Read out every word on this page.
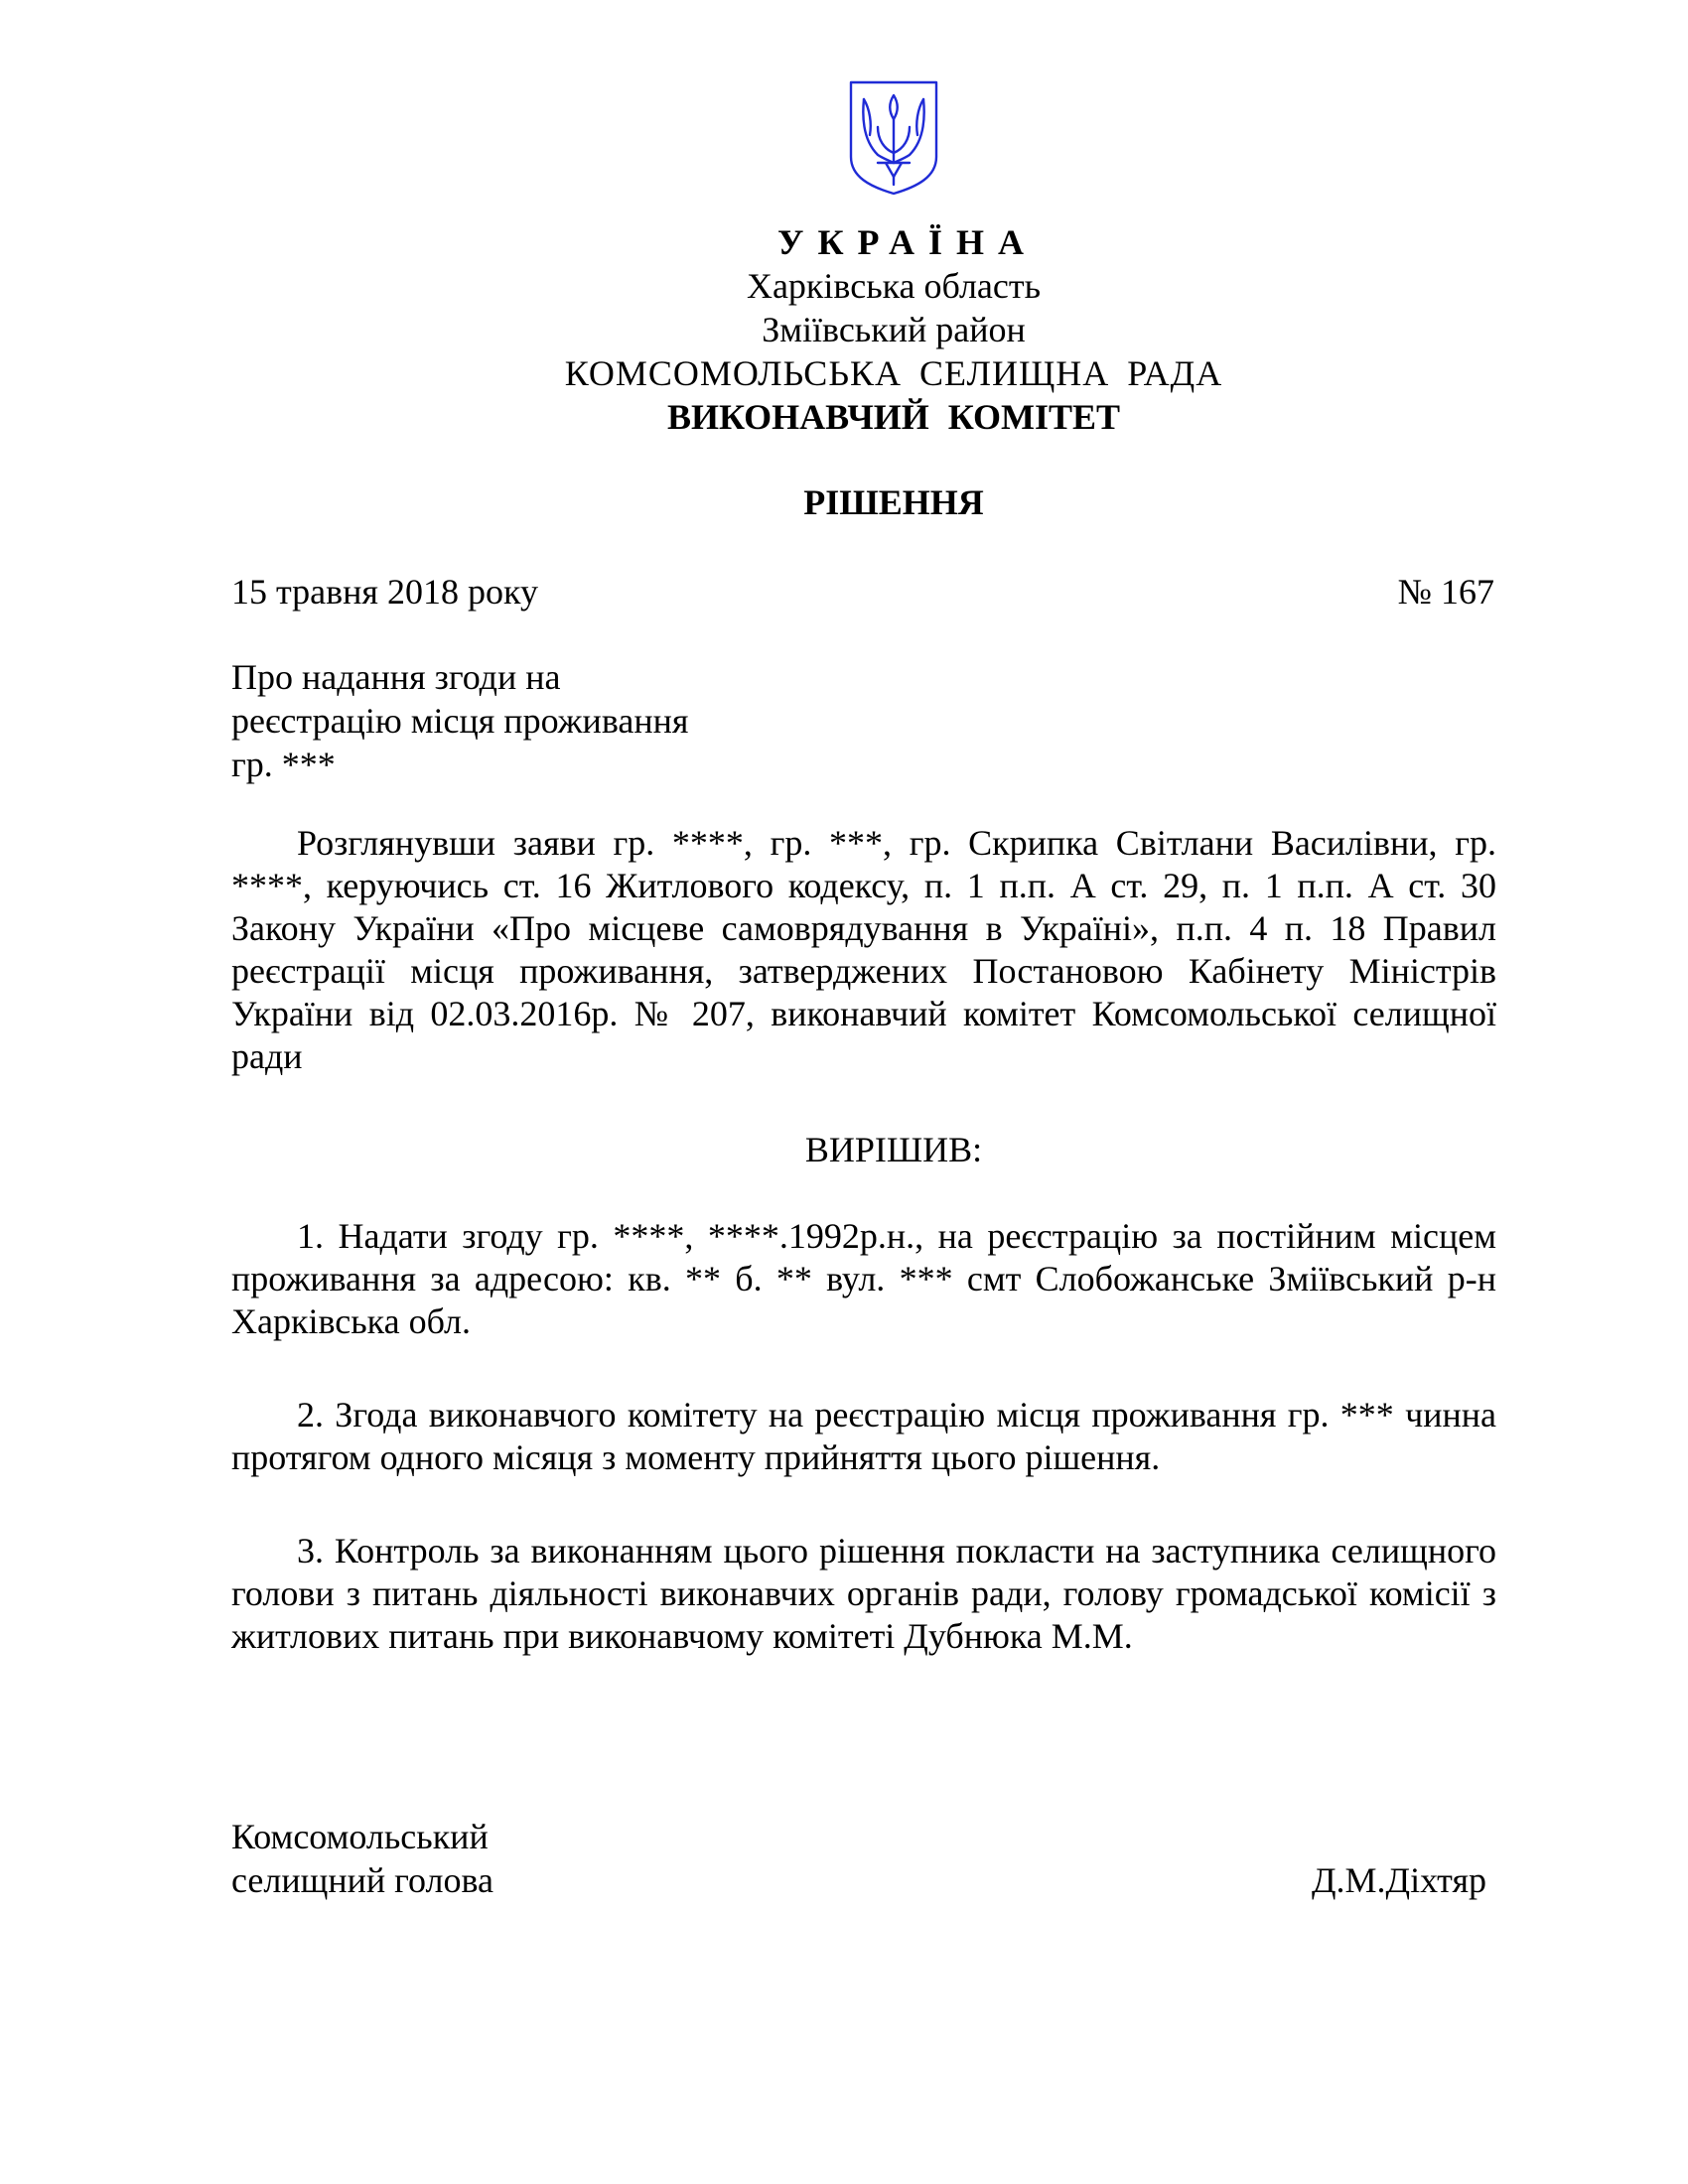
УКРАЇНА
Харківська область
Зміївський район
КОМСОМОЛЬСЬКА СЕЛИЩНА РАДА
ВИКОНАВЧИЙ КОМІТЕТ
РІШЕННЯ
15 травня 2018 року	№ 167
Про надання згоди на
реєстрацію місця проживання
гр. ***

Розглянувши заяви гр. ****, гр. ***, гр. Скрипка Світлани Василівни, гр. ****, керуючись ст. 16 Житлового кодексу, п. 1 п.п. А ст. 29, п. 1 п.п. А ст. 30 Закону України «Про місцеве самоврядування в Україні», п.п. 4 п. 18 Правил реєстрації місця проживання, затверджених Постановою Кабінету Міністрів України від 02.03.2016р. № 207, виконавчий комітет Комсомольської селищної ради

ВИРІШИВ:

1. Надати згоду гр. ****, ****.1992р.н., на реєстрацію за постійним місцем проживання за адресою: кв. ** б. ** вул. *** смт Слобожанське Зміївський р-н Харківська обл.

2. Згода виконавчого комітету на реєстрацію місця проживання гр. *** чинна протягом одного місяця з моменту прийняття цього рішення.

3. Контроль за виконанням цього рішення покласти на заступника селищного голови з питань діяльності виконавчих органів ради, голову громадської комісії з житлових питань при виконавчому комітеті Дубнюка М.М.

Комсомольський
селищний голова	Д.М.Діхтяр
